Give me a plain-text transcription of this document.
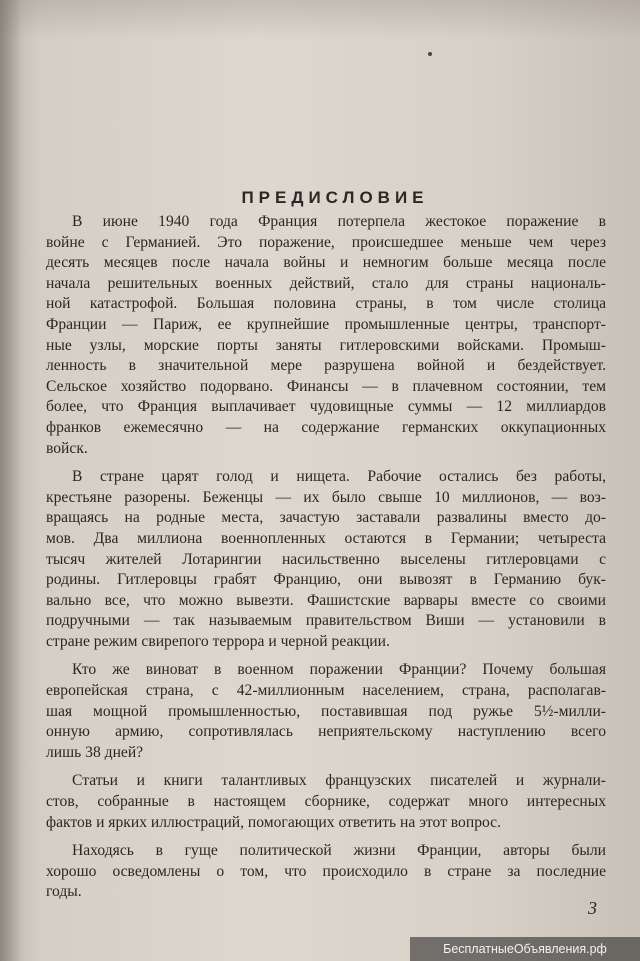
ПРЕДИСЛОВИЕ
В июне 1940 года Франция потерпела жестокое поражение в
войне с Германией. Это поражение, происшедшее меньше чем через
десять месяцев после начала войны и немногим больше месяца после
начала решительных военных действий, стало для страны националь-
ной катастрофой. Большая половина страны, в том числе столица
Франции — Париж, ее крупнейшие промышленные центры, транспорт-
ные узлы, морские порты заняты гитлеровскими войсками. Промыш-
ленность в значительной мере разрушена войной и бездействует.
Сельское хозяйство подорвано. Финансы — в плачевном состоянии, тем
более, что Франция выплачивает чудовищные суммы — 12 миллиардов
франков ежемесячно — на содержание германских оккупационных
войск.
В стране царят голод и нищета. Рабочие остались без работы,
крестьяне разорены. Беженцы — их было свыше 10 миллионов, — воз-
вращаясь на родные места, зачастую заставали развалины вместо до-
мов. Два миллиона военнопленных остаются в Германии; четыреста
тысяч жителей Лотарингии насильственно выселены гитлеровцами с
родины. Гитлеровцы грабят Францию, они вывозят в Германию бук-
вально все, что можно вывезти. Фашистские варвары вместе со своими
подручными — так называемым правительством Виши — установили в
стране режим свирепого террора и черной реакции.
Кто же виноват в военном поражении Франции? Почему большая
европейская страна, с 42-миллионным населением, страна, располагав-
шая мощной промышленностью, поставившая под ружье 5½-милли-
онную армию, сопротивлялась неприятельскому наступлению всего
лишь 38 дней?
Статьи и книги талантливых французских писателей и журнали-
стов, собранные в настоящем сборнике, содержат много интересных
фактов и ярких иллюстраций, помогающих ответить на этот вопрос.
Находясь в гуще политической жизни Франции, авторы были
хорошо осведомлены о том, что происходило в стране за последние
годы.
3
БесплатныеОбъявления.рф
